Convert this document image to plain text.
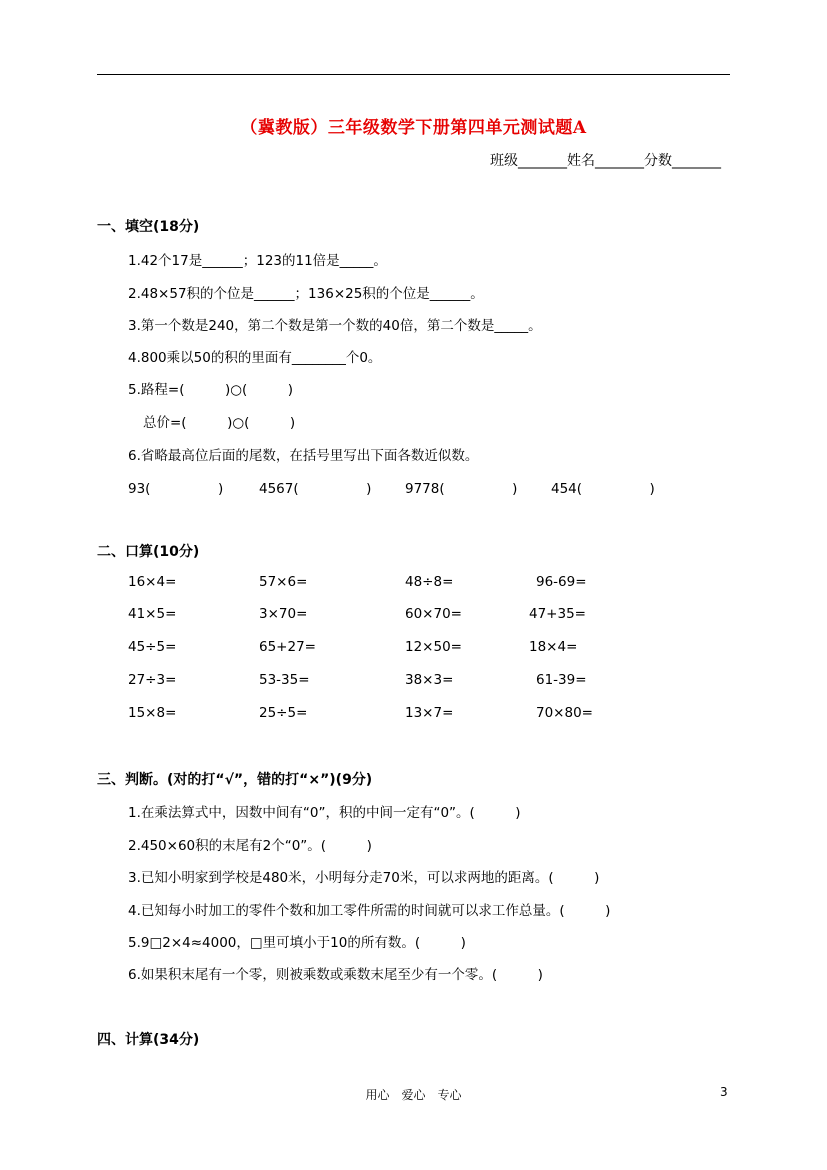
（冀教版）三年级数学下册第四单元测试题A
班级_______姓名_______分数_______
一、填空(18分)
1.42个17是______；123的11倍是_____。
2.48×57积的个位是______；136×25积的个位是______。
3.第一个数是240，第二个数是第一个数的40倍，第二个数是_____。
4.800乘以50的积的里面有________个0。
5.路程=(　　　)○(　　　)
总价=(　　　)○(　　　)
6.省略最高位后面的尾数，在括号里写出下面各数近似数。
93(　　　　　)	4567(　　　　　) 9778(　　　　　) 454(　　　　　)
二、口算(10分)
16×4=	57×6=	48÷8=	96-69=
41×5=	3×70=	60×70=	47+35=
45÷5=	65+27=	12×50=	18×4=
27÷3=	53-35=	38×3=	61-39=
15×8=	25÷5=	13×7=	70×80=
三、判断。(对的打“√”，错的打“×”)(9分)
1.在乘法算式中，因数中间有“0”，积的中间一定有“0”。(　　　)
2.450×60积的末尾有2个“0”。(　　　)
3.已知小明家到学校是480米，小明每分走70米，可以求两地的距离。(　　　)
4.已知每小时加工的零件个数和加工零件所需的时间就可以求工作总量。(　　　)
5.9□2×4≈4000，□里可填小于10的所有数。(　　　)
6.如果积末尾有一个零，则被乘数或乘数末尾至少有一个零。(　　　)
四、计算(34分)
用心　爱心　专心	3
